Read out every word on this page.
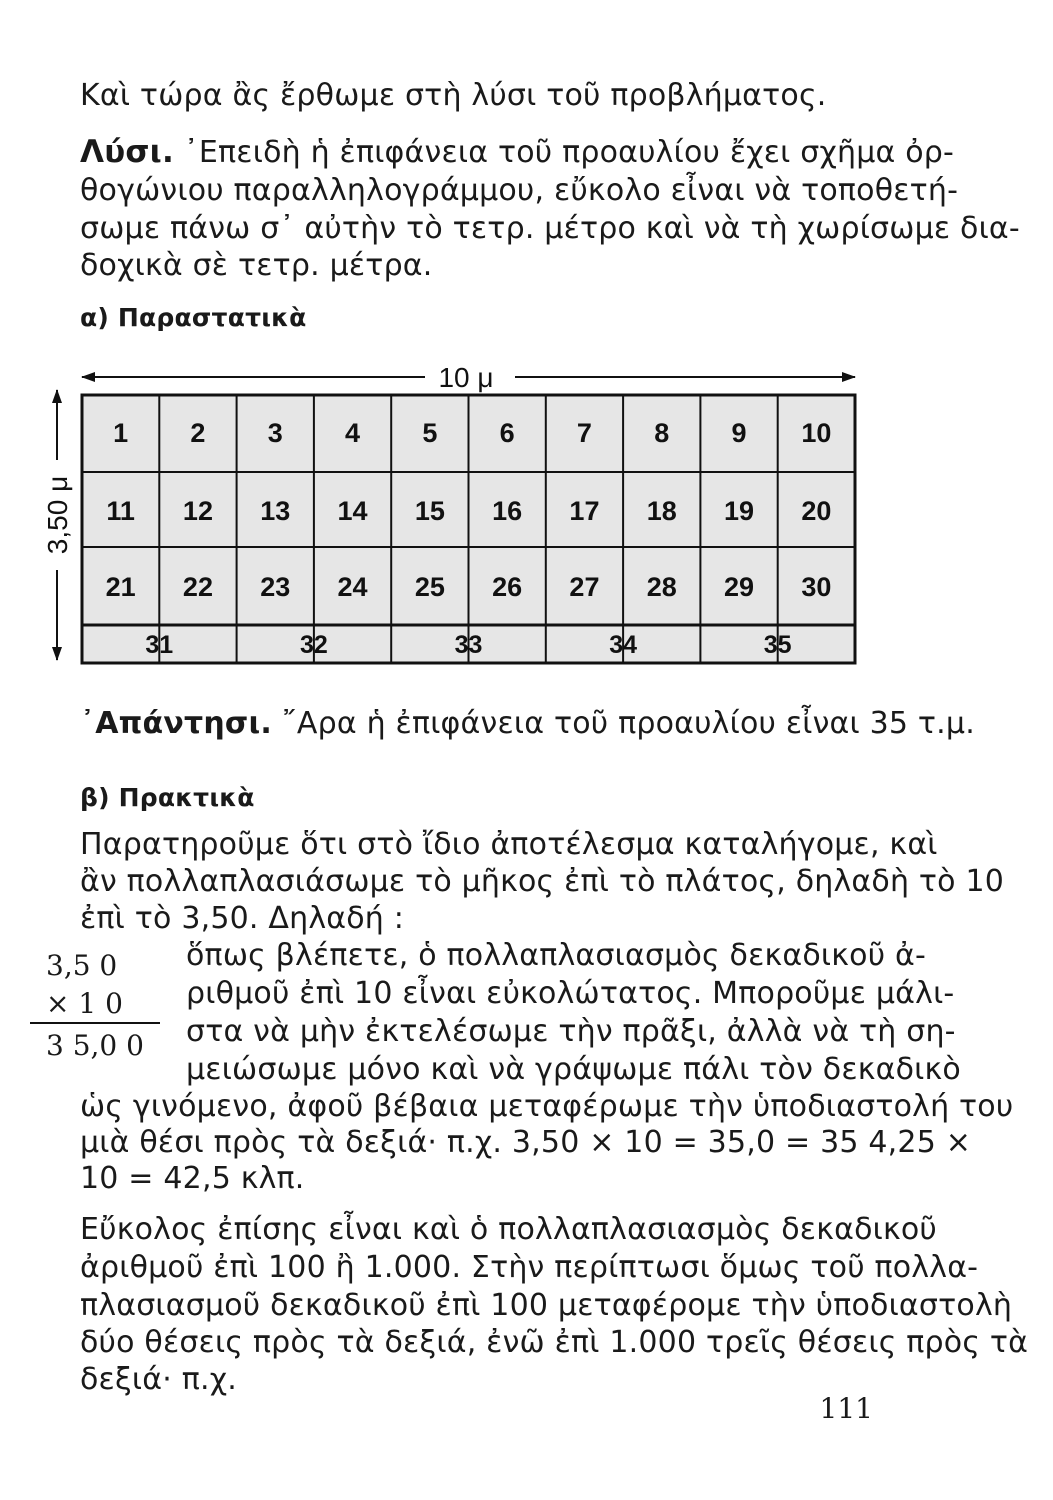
Καὶ τώρα ἂς ἔρθωμε στὴ λύσι τοῦ προβλήματος.
Λύσι. ᾿Επειδὴ ἡ ἐπιφάνεια τοῦ προαυλίου ἔχει σχῆμα ὀρ-
θογώνιου παραλληλογράμμου, εὔκολο εἶναι νὰ τοποθετή-
σωμε πάνω σ᾿ αὐτὴν τὸ τετρ. μέτρο καὶ νὰ τὴ χωρίσωμε δια-
δοχικὰ σὲ τετρ. μέτρα.
α) Παραστατικὰ
10 μ
3,50 μ
1 2 3 4 5 6 7 8 9 10
11 12 13 14 15 16 17 18 19 20
21 22 23 24 25 26 27 28 29 30
31	32	33	34	35
᾿Απάντησι. ῎Αρα ἡ ἐπιφάνεια τοῦ προαυλίου εἶναι 35 τ.μ.
β) Πρακτικὰ
Παρατηροῦμε ὅτι στὸ ἴδιο ἀποτέλεσμα καταλήγομε, καὶ
ἂν πολλαπλασιάσωμε τὸ μῆκος ἐπὶ τὸ πλάτος, δηλαδὴ τὸ 10
ἐπὶ τὸ 3,50. Δηλαδή :
3,5 0
× 1 0
3 5,0 0
ὅπως βλέπετε, ὁ πολλαπλασιασμὸς δεκαδικοῦ ἀ-
ριθμοῦ ἐπὶ 10 εἶναι εὐκολώτατος. Μποροῦμε μάλι-
στα νὰ μὴν ἐκτελέσωμε τὴν πρᾶξι, ἀλλὰ νὰ τὴ ση-
μειώσωμε μόνο καὶ νὰ γράψωμε πάλι τὸν δεκαδικὸ
ὡς γινόμενο, ἀφοῦ βέβαια μεταφέρωμε τὴν ὑποδιαστολή του
μιὰ θέσι πρὸς τὰ δεξιά· π.χ. 3,50 × 10 = 35,0 = 35 4,25 ×
10 = 42,5 κλπ.
Εὔκολος ἐπίσης εἶναι καὶ ὁ πολλαπλασιασμὸς δεκαδικοῦ
ἀριθμοῦ ἐπὶ 100 ἢ 1.000. Στὴν περίπτωσι ὅμως τοῦ πολλα-
πλασιασμοῦ δεκαδικοῦ ἐπὶ 100 μεταφέρομε τὴν ὑποδιαστολὴ
δύο θέσεις πρὸς τὰ δεξιά, ἐνῶ ἐπὶ 1.000 τρεῖς θέσεις πρὸς τὰ
δεξιά· π.χ.
111
